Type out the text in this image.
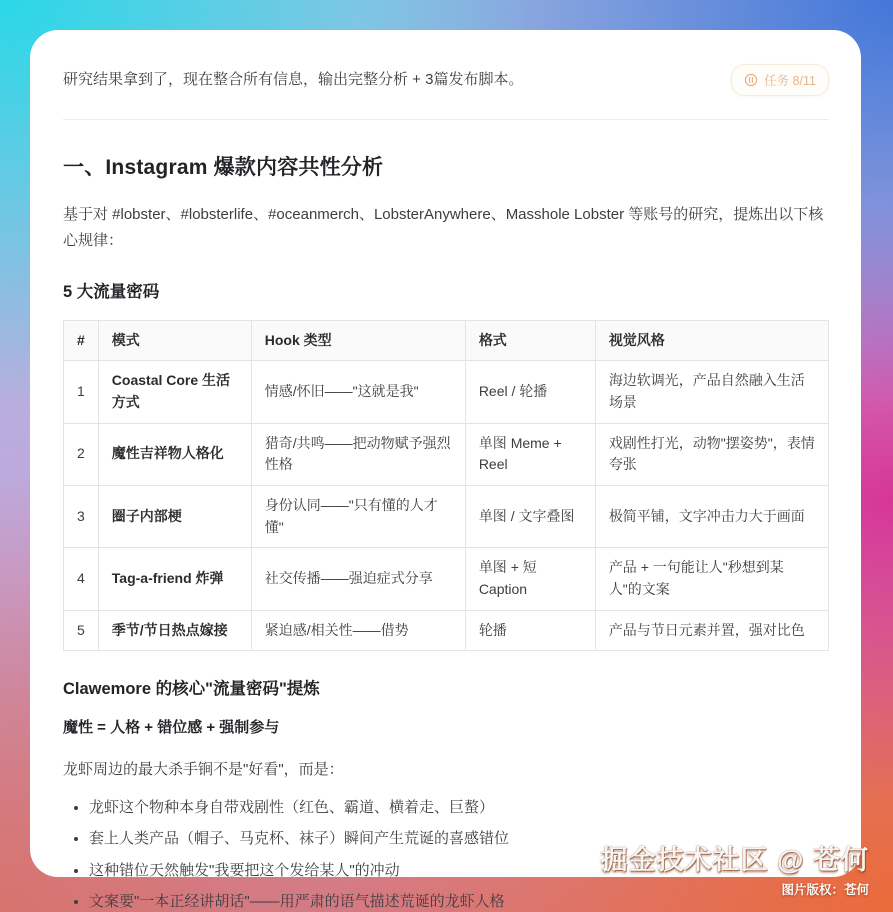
研究结果拿到了，现在整合所有信息，输出完整分析 + 3篇发布脚本。	任务 8/11
一、Instagram 爆款内容共性分析

基于对 #lobster、#lobsterlife、#oceanmerch、LobsterAnywhere、Masshole Lobster 等账号的研究，提炼出以下核心规律：

5 大流量密码
#	模式	Hook 类型	格式	视觉风格
1	Coastal Core 生活方式	情感/怀旧——"这就是我"	Reel / 轮播	海边软调光，产品自然融入生活场景
2	魔性吉祥物人格化	猎奇/共鸣——把动物赋予强烈性格	单图 Meme + Reel	戏剧性打光，动物"摆姿势"，表情夸张
3	圈子内部梗	身份认同——"只有懂的人才懂"	单图 / 文字叠图	极简平铺，文字冲击力大于画面
4	Tag-a-friend 炸弹	社交传播——强迫症式分享	单图 + 短 Caption	产品 + 一句能让人"秒想到某人"的文案
5	季节/节日热点嫁接	紧迫感/相关性——借势	轮播	产品与节日元素并置，强对比色
Clawemore 的核心"流量密码"提炼

魔性 = 人格 + 错位感 + 强制参与

龙虾周边的最大杀手锏不是"好看"，而是：

• 龙虾这个物种本身自带戏剧性（红色、霸道、横着走、巨螯）
• 套上人类产品（帽子、马克杯、袜子）瞬间产生荒诞的喜感错位
• 这种错位天然触发"我要把这个发给某人"的冲动
• 文案要"一本正经讲胡话"——用严肃的语气描述荒诞的龙虾人格
掘金技术社区 @ 苍何
图片版权：苍何
